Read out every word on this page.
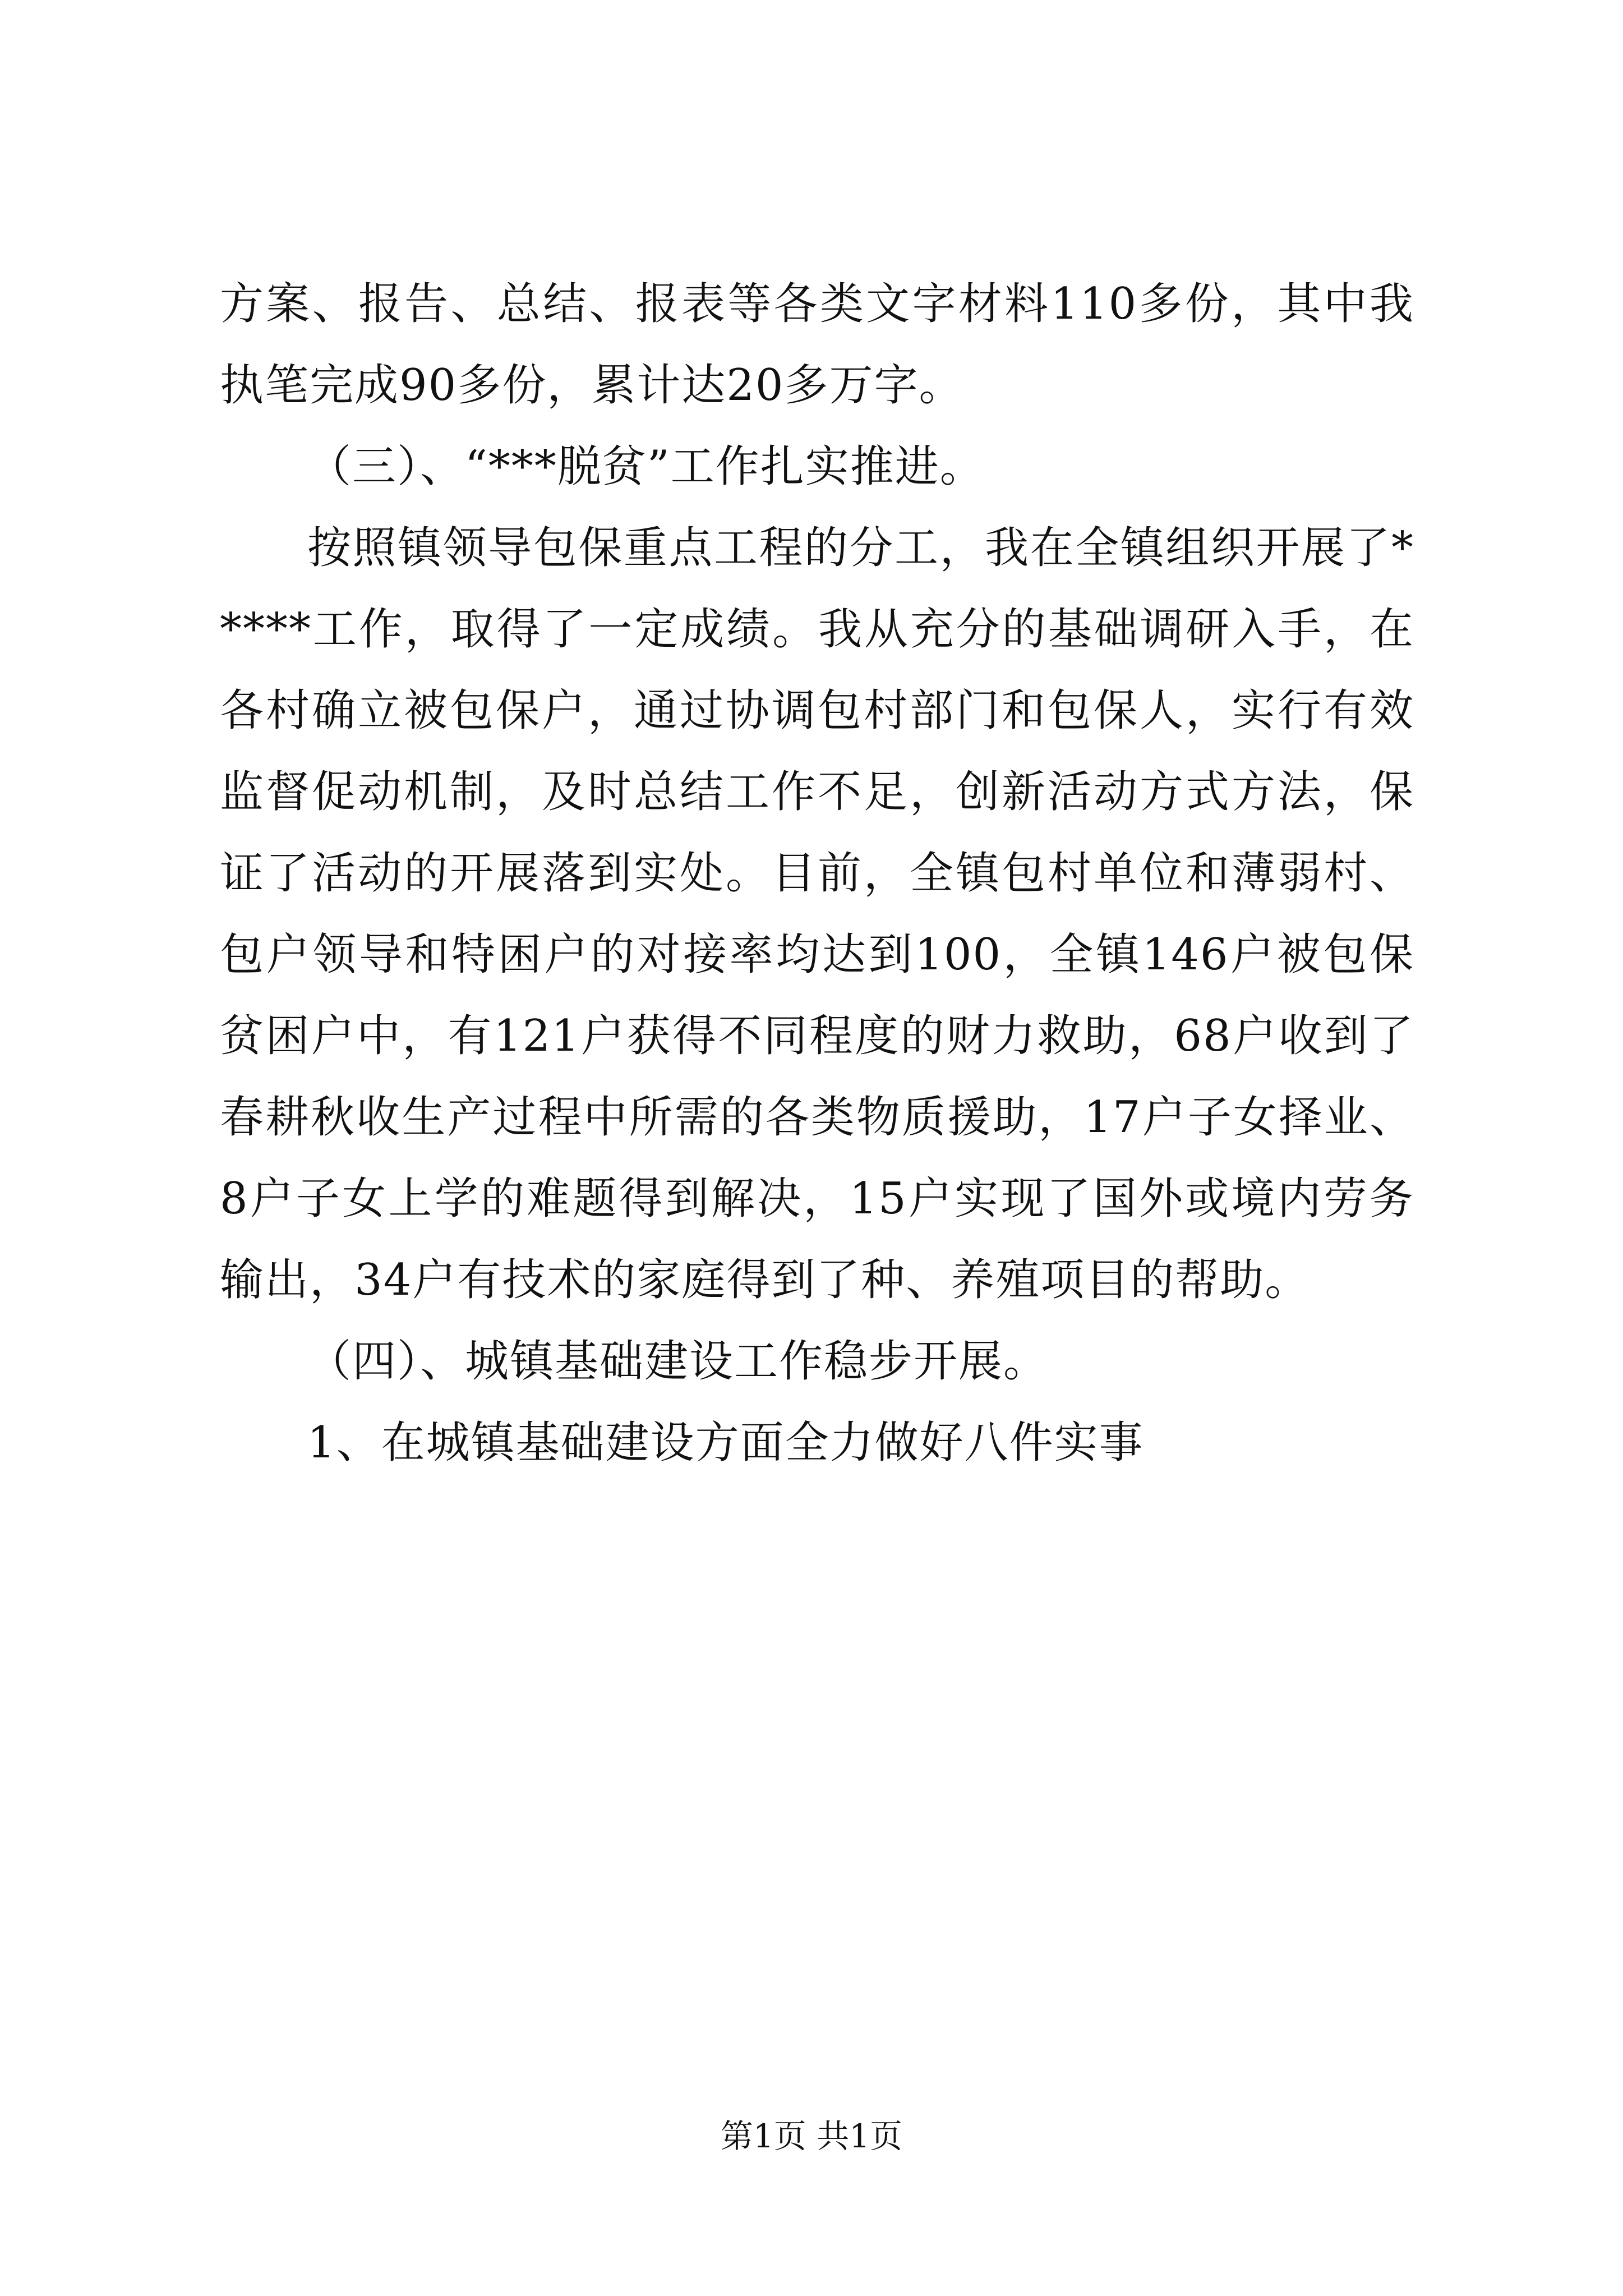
方案、报告、总结、报表等各类文字材料110多份，其中我执笔完成90多份，累计达20多万字。

（三）、“***脱贫”工作扎实推进。

按照镇领导包保重点工程的分工，我在全镇组织开展了*****工作，取得了一定成绩。我从充分的基础调研入手，在各村确立被包保户，通过协调包村部门和包保人，实行有效监督促动机制，及时总结工作不足，创新活动方式方法，保证了活动的开展落到实处。目前，全镇包村单位和薄弱村、包户领导和特困户的对接率均达到100，全镇146户被包保贫困户中，有121户获得不同程度的财力救助，68户收到了春耕秋收生产过程中所需的各类物质援助，17户子女择业、8户子女上学的难题得到解决，15户实现了国外或境内劳务输出，34户有技术的家庭得到了种、养殖项目的帮助。

（四）、城镇基础建设工作稳步开展。

1、在城镇基础建设方面全力做好八件实事

第1页 共1页
